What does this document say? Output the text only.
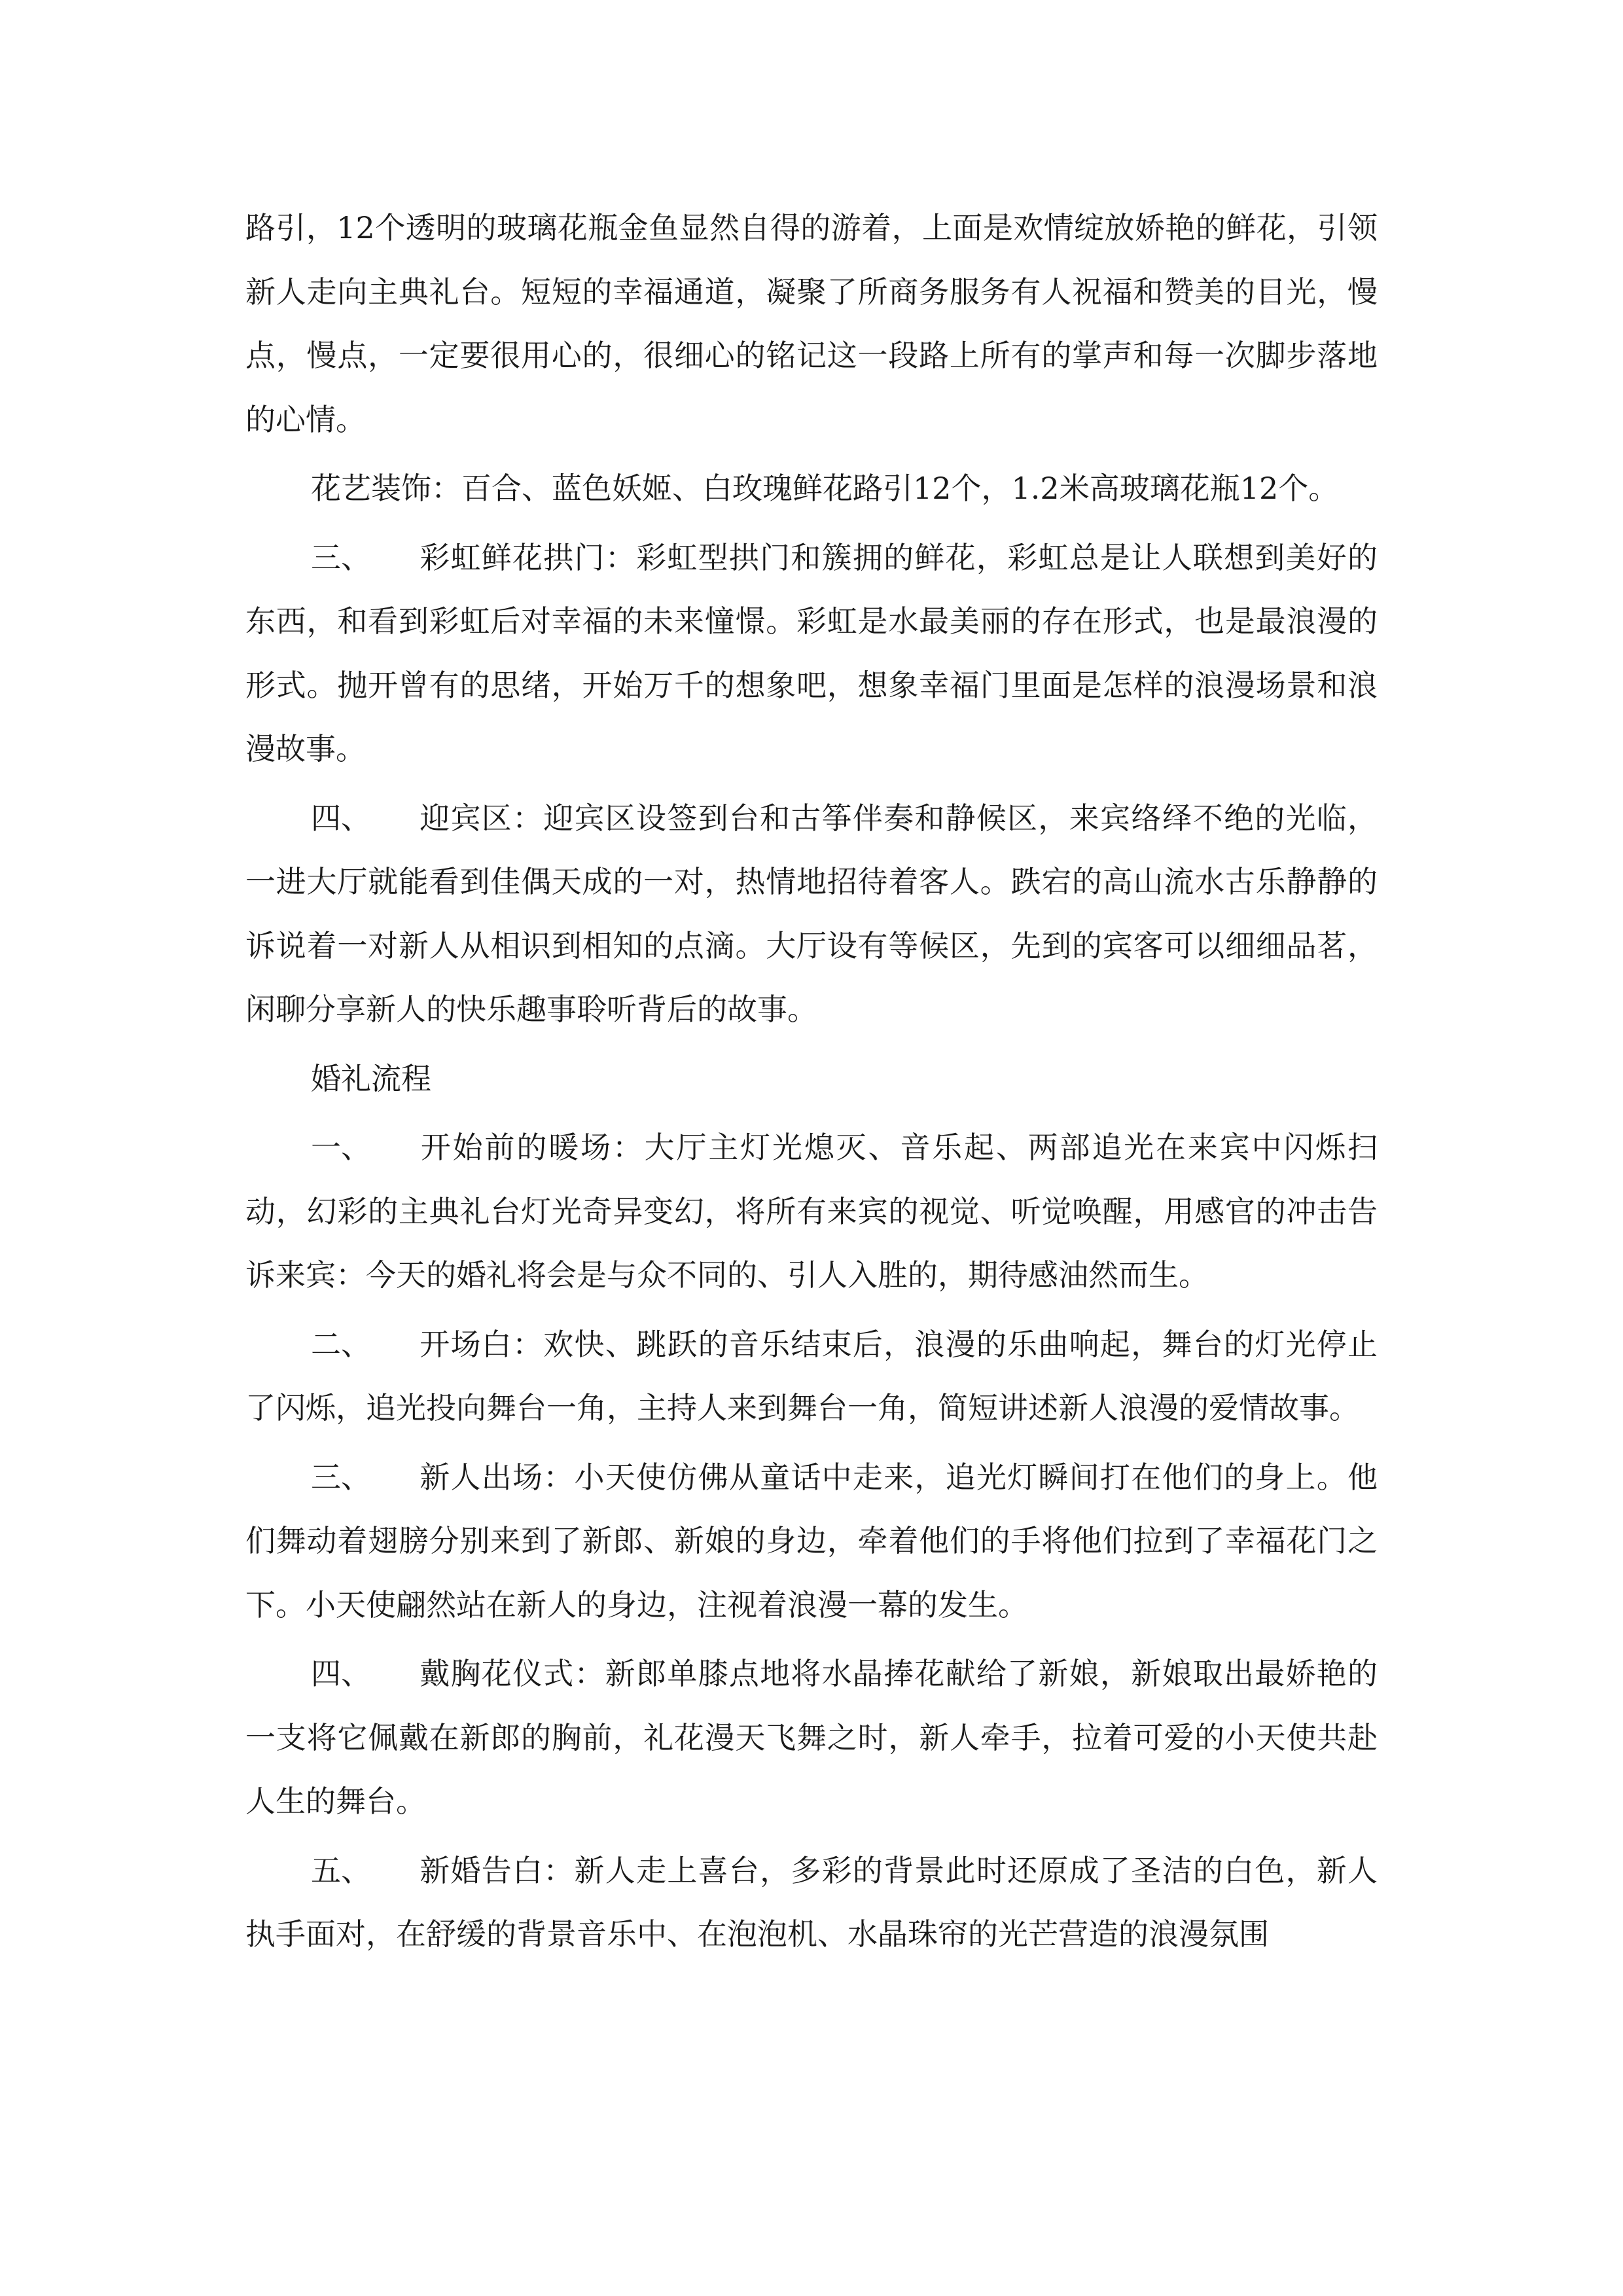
路引，12个透明的玻璃花瓶金鱼显然自得的游着，上面是欢情绽放娇艳的鲜花，引领新人走向主典礼台。短短的幸福通道，凝聚了所商务服务有人祝福和赞美的目光，慢点，慢点，一定要很用心的，很细心的铭记这一段路上所有的掌声和每一次脚步落地的心情。

花艺装饰：百合、蓝色妖姬、白玫瑰鲜花路引12个，1.2米高玻璃花瓶12个。

三、 彩虹鲜花拱门：彩虹型拱门和簇拥的鲜花，彩虹总是让人联想到美好的东西，和看到彩虹后对幸福的未来憧憬。彩虹是水最美丽的存在形式，也是最浪漫的形式。抛开曾有的思绪，开始万千的想象吧，想象幸福门里面是怎样的浪漫场景和浪漫故事。

四、 迎宾区：迎宾区设签到台和古筝伴奏和静候区，来宾络绎不绝的光临，一进大厅就能看到佳偶天成的一对，热情地招待着客人。跌宕的高山流水古乐静静的诉说着一对新人从相识到相知的点滴。大厅设有等候区，先到的宾客可以细细品茗，闲聊分享新人的快乐趣事聆听背后的故事。

婚礼流程

一、 开始前的暖场：大厅主灯光熄灭、音乐起、两部追光在来宾中闪烁扫动，幻彩的主典礼台灯光奇异变幻，将所有来宾的视觉、听觉唤醒，用感官的冲击告诉来宾：今天的婚礼将会是与众不同的、引人入胜的，期待感油然而生。

二、 开场白：欢快、跳跃的音乐结束后，浪漫的乐曲响起，舞台的灯光停止了闪烁，追光投向舞台一角，主持人来到舞台一角，简短讲述新人浪漫的爱情故事。

三、 新人出场：小天使仿佛从童话中走来，追光灯瞬间打在他们的身上。他们舞动着翅膀分别来到了新郎、新娘的身边，牵着他们的手将他们拉到了幸福花门之下。小天使翩然站在新人的身边，注视着浪漫一幕的发生。

四、 戴胸花仪式：新郎单膝点地将水晶捧花献给了新娘，新娘取出最娇艳的一支将它佩戴在新郎的胸前，礼花漫天飞舞之时，新人牵手，拉着可爱的小天使共赴人生的舞台。

五、 新婚告白：新人走上喜台，多彩的背景此时还原成了圣洁的白色，新人执手面对，在舒缓的背景音乐中、在泡泡机、水晶珠帘的光芒营造的浪漫氛围
